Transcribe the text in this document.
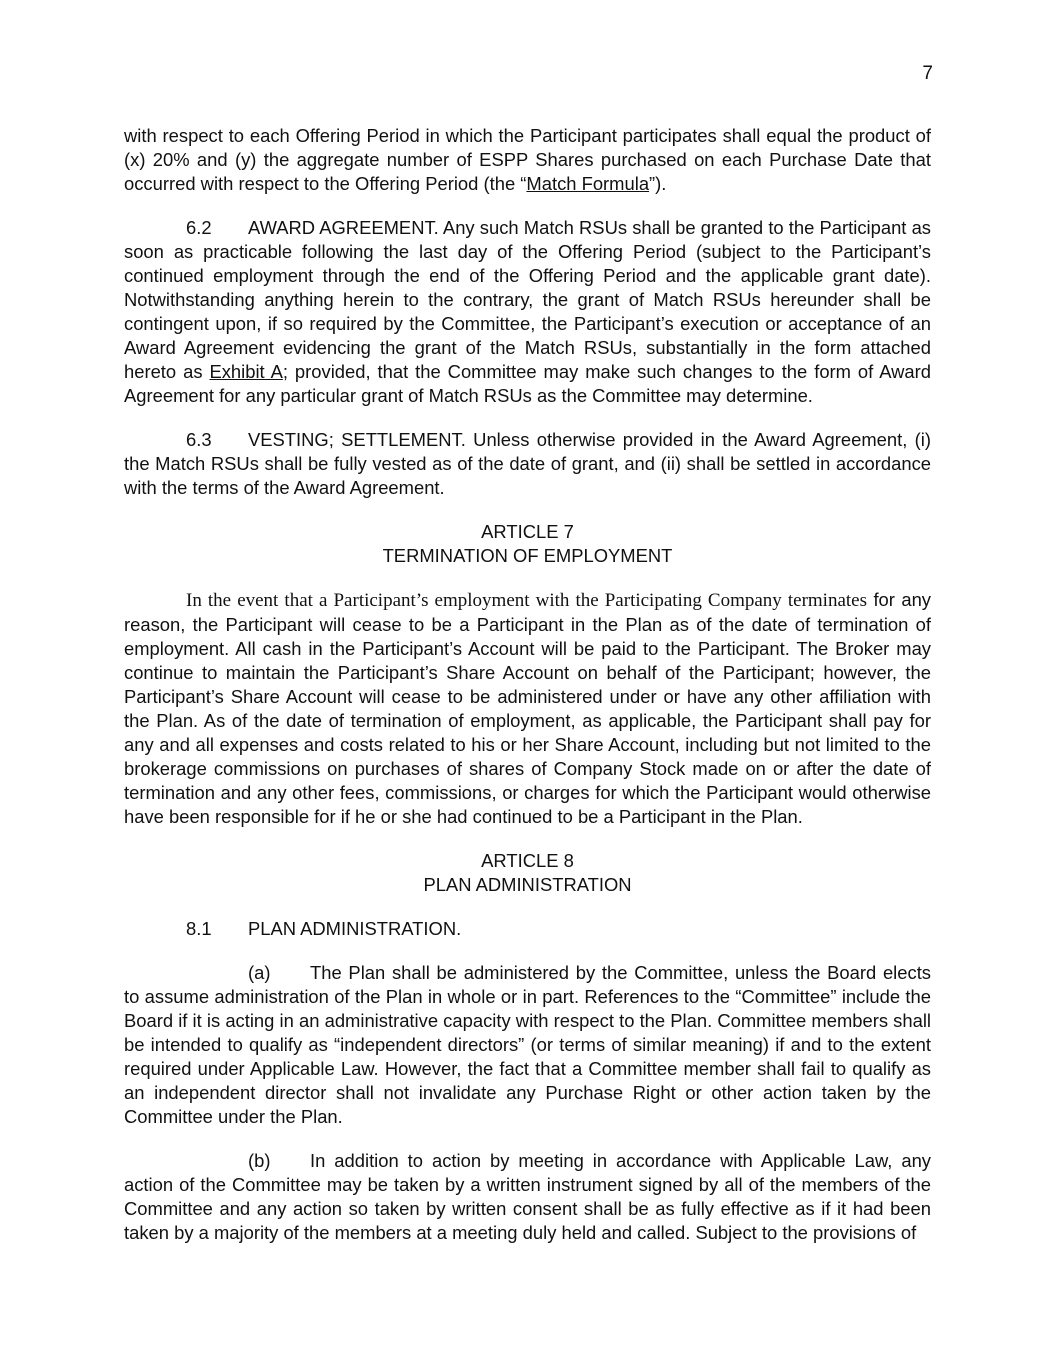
7

with respect to each Offering Period in which the Participant participates shall equal the product of (x) 20% and (y) the aggregate number of ESPP Shares purchased on each Purchase Date that occurred with respect to the Offering Period (the “Match Formula”).

6.2 AWARD AGREEMENT. Any such Match RSUs shall be granted to the Participant as soon as practicable following the last day of the Offering Period (subject to the Participant’s continued employment through the end of the Offering Period and the applicable grant date). Notwithstanding anything herein to the contrary, the grant of Match RSUs hereunder shall be contingent upon, if so required by the Committee, the Participant’s execution or acceptance of an Award Agreement evidencing the grant of the Match RSUs, substantially in the form attached hereto as Exhibit A; provided, that the Committee may make such changes to the form of Award Agreement for any particular grant of Match RSUs as the Committee may determine.

6.3 VESTING; SETTLEMENT. Unless otherwise provided in the Award Agreement, (i) the Match RSUs shall be fully vested as of the date of grant, and (ii) shall be settled in accordance with the terms of the Award Agreement.

ARTICLE 7

TERMINATION OF EMPLOYMENT

In the event that a Participant’s employment with the Participating Company terminates for any reason, the Participant will cease to be a Participant in the Plan as of the date of termination of employment. All cash in the Participant’s Account will be paid to the Participant. The Broker may continue to maintain the Participant’s Share Account on behalf of the Participant; however, the Participant’s Share Account will cease to be administered under or have any other affiliation with the Plan. As of the date of termination of employment, as applicable, the Participant shall pay for any and all expenses and costs related to his or her Share Account, including but not limited to the brokerage commissions on purchases of shares of Company Stock made on or after the date of termination and any other fees, commissions, or charges for which the Participant would otherwise have been responsible for if he or she had continued to be a Participant in the Plan.

ARTICLE 8

PLAN ADMINISTRATION

8.1 PLAN ADMINISTRATION.

(a) The Plan shall be administered by the Committee, unless the Board elects to assume administration of the Plan in whole or in part. References to the “Committee” include the Board if it is acting in an administrative capacity with respect to the Plan. Committee members shall be intended to qualify as “independent directors” (or terms of similar meaning) if and to the extent required under Applicable Law. However, the fact that a Committee member shall fail to qualify as an independent director shall not invalidate any Purchase Right or other action taken by the Committee under the Plan.

(b) In addition to action by meeting in accordance with Applicable Law, any action of the Committee may be taken by a written instrument signed by all of the members of the Committee and any action so taken by written consent shall be as fully effective as if it had been taken by a majority of the members at a meeting duly held and called. Subject to the provisions of
